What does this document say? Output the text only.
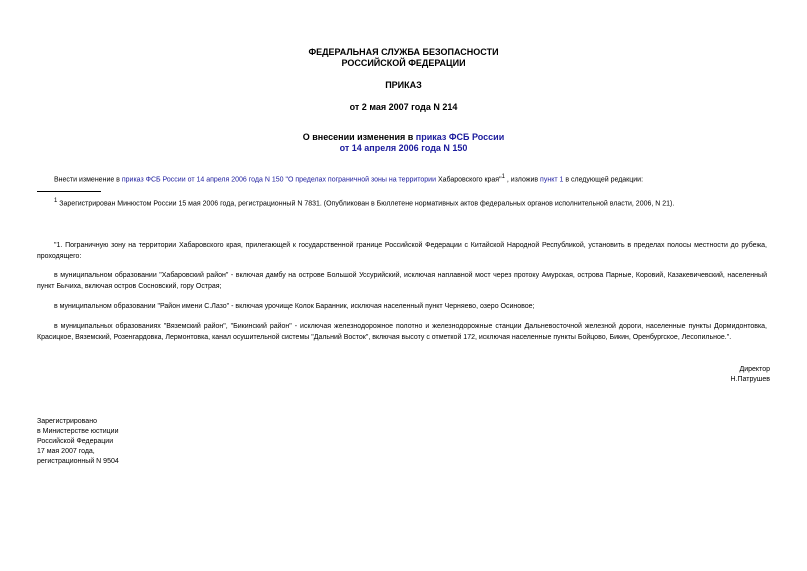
ФЕДЕРАЛЬНАЯ СЛУЖБА БЕЗОПАСНОСТИ
РОССИЙСКОЙ ФЕДЕРАЦИИ
ПРИКАЗ
от 2 мая 2007 года N 214
О внесении изменения в приказ ФСБ России
от 14 апреля 2006 года N 150
Внести изменение в приказ ФСБ России от 14 апреля 2006 года N 150 "О пределах пограничной зоны на территории Хабаровского края"$^1$ , изложив пункт 1 в следующей редакции:
$^1$ Зарегистрирован Минюстом России 15 мая 2006 года, регистрационный N 7831. (Опубликован в Бюллетене нормативных актов федеральных органов исполнительной власти, 2006, N 21).
"1. Пограничную зону на территории Хабаровского края, прилегающей к государственной границе Российской Федерации с Китайской Народной Республикой, установить в пределах полосы местности до рубежа, проходящего:
в муниципальном образовании "Хабаровский район" - включая дамбу на острове Большой Уссурийский, исключая наплавной мост через протоку Амурская, острова Парные, Коровий, Казакевичевский, населенный пункт Бычиха, включая остров Сосновский, гору Острая;
в муниципальном образовании "Район имени С.Лазо" - включая урочище Колок Баранник, исключая населенный пункт Черняево, озеро Осиновое;
в муниципальных образованиях "Вяземский район", "Бикинский район" - исключая железнодорожное полотно и железнодорожные станции Дальневосточной железной дороги, населенные пункты Дормидонтовка, Красицкое, Вяземский, Розенгардовка, Лермонтовка, канал осушительной системы "Дальний Восток", включая высоту с отметкой 172, исключая населенные пункты Бойцово, Бикин, Оренбургское, Лесопильное.".
Директор
Н.Патрушев
Зарегистрировано
в Министерстве юстиции
Российской Федерации
17 мая 2007 года,
регистрационный N 9504
